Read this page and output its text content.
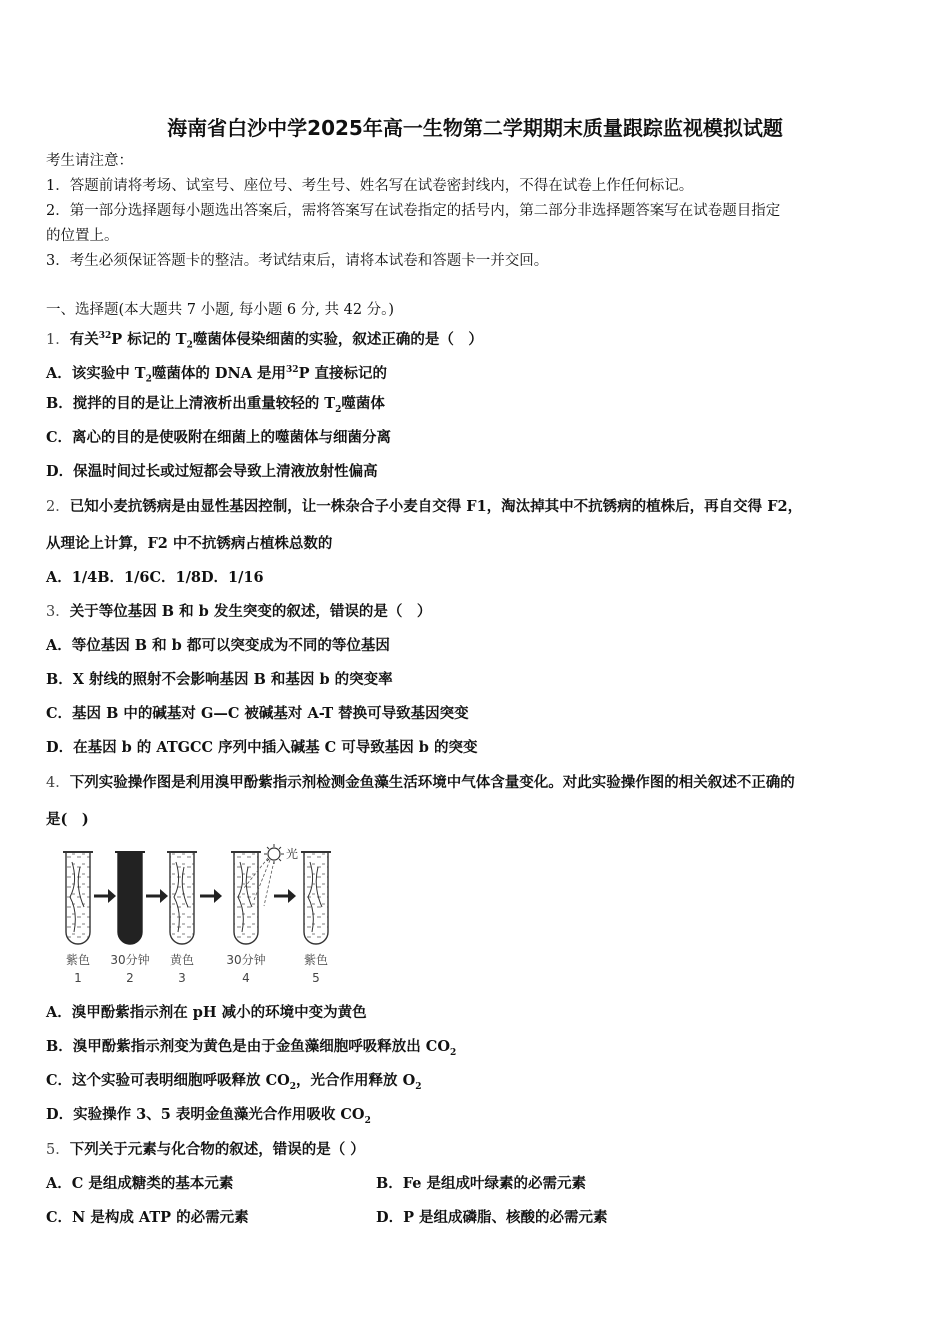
海南省白沙中学2025年高一生物第二学期期末质量跟踪监视模拟试题
考生请注意：
1．答题前请将考场、试室号、座位号、考生号、姓名写在试卷密封线内，不得在试卷上作任何标记。
2．第一部分选择题每小题选出答案后，需将答案写在试卷指定的括号内，第二部分非选择题答案写在试卷题目指定
的位置上。
3．考生必须保证答题卡的整洁。考试结束后，请将本试卷和答题卡一并交回。
一、选择题(本大题共 7 小题, 每小题 6 分, 共 42 分。)
1．有关$^{32}$P 标记的 $T_2$噬菌体侵染细菌的实验，叙述正确的是（　）
A．该实验中 $T_2$噬菌体的 DNA 是用$^{32}$P 直接标记的
B．搅拌的目的是让上清液析出重量较轻的 $T_2$噬菌体
C．离心的目的是使吸附在细菌上的噬菌体与细菌分离
D．保温时间过长或过短都会导致上清液放射性偏高
2．已知小麦抗锈病是由显性基因控制，让一株杂合子小麦自交得 F1，淘汰掉其中不抗锈病的植株后，再自交得 F2，
从理论上计算，F2 中不抗锈病占植株总数的
A．1/4B．1/6C．1/8D．1/16
3．关于等位基因 B 和 b 发生突变的叙述，错误的是（　）
A．等位基因 B 和 b 都可以突变成为不同的等位基因
B．X 射线的照射不会影响基因 B 和基因 b 的突变率
C．基因 B 中的碱基对 G—C 被碱基对 A-T 替换可导致基因突变
D．在基因 b 的 ATGCC 序列中插入碱基 C 可导致基因 b 的突变
4．下列实验操作图是利用溴甲酚紫指示剂检测金鱼藻生活环境中气体含量变化。对此实验操作图的相关叙述不正确的
是(　)
光
紫色 30分钟 黄色	30分钟	紫色
1	2	3	4	5
A．溴甲酚紫指示剂在 pH 减小的环境中变为黄色
B．溴甲酚紫指示剂变为黄色是由于金鱼藻细胞呼吸释放出 $CO_2$
C．这个实验可表明细胞呼吸释放 $CO_2$，光合作用释放 $O_2$
D．实验操作 3、5 表明金鱼藻光合作用吸收 $CO_2$
5．下列关于元素与化合物的叙述，错误的是（ ）
A．C 是组成糖类的基本元素	B．Fe 是组成叶绿素的必需元素
C．N 是构成 ATP 的必需元素	D．P 是组成磷脂、核酸的必需元素
